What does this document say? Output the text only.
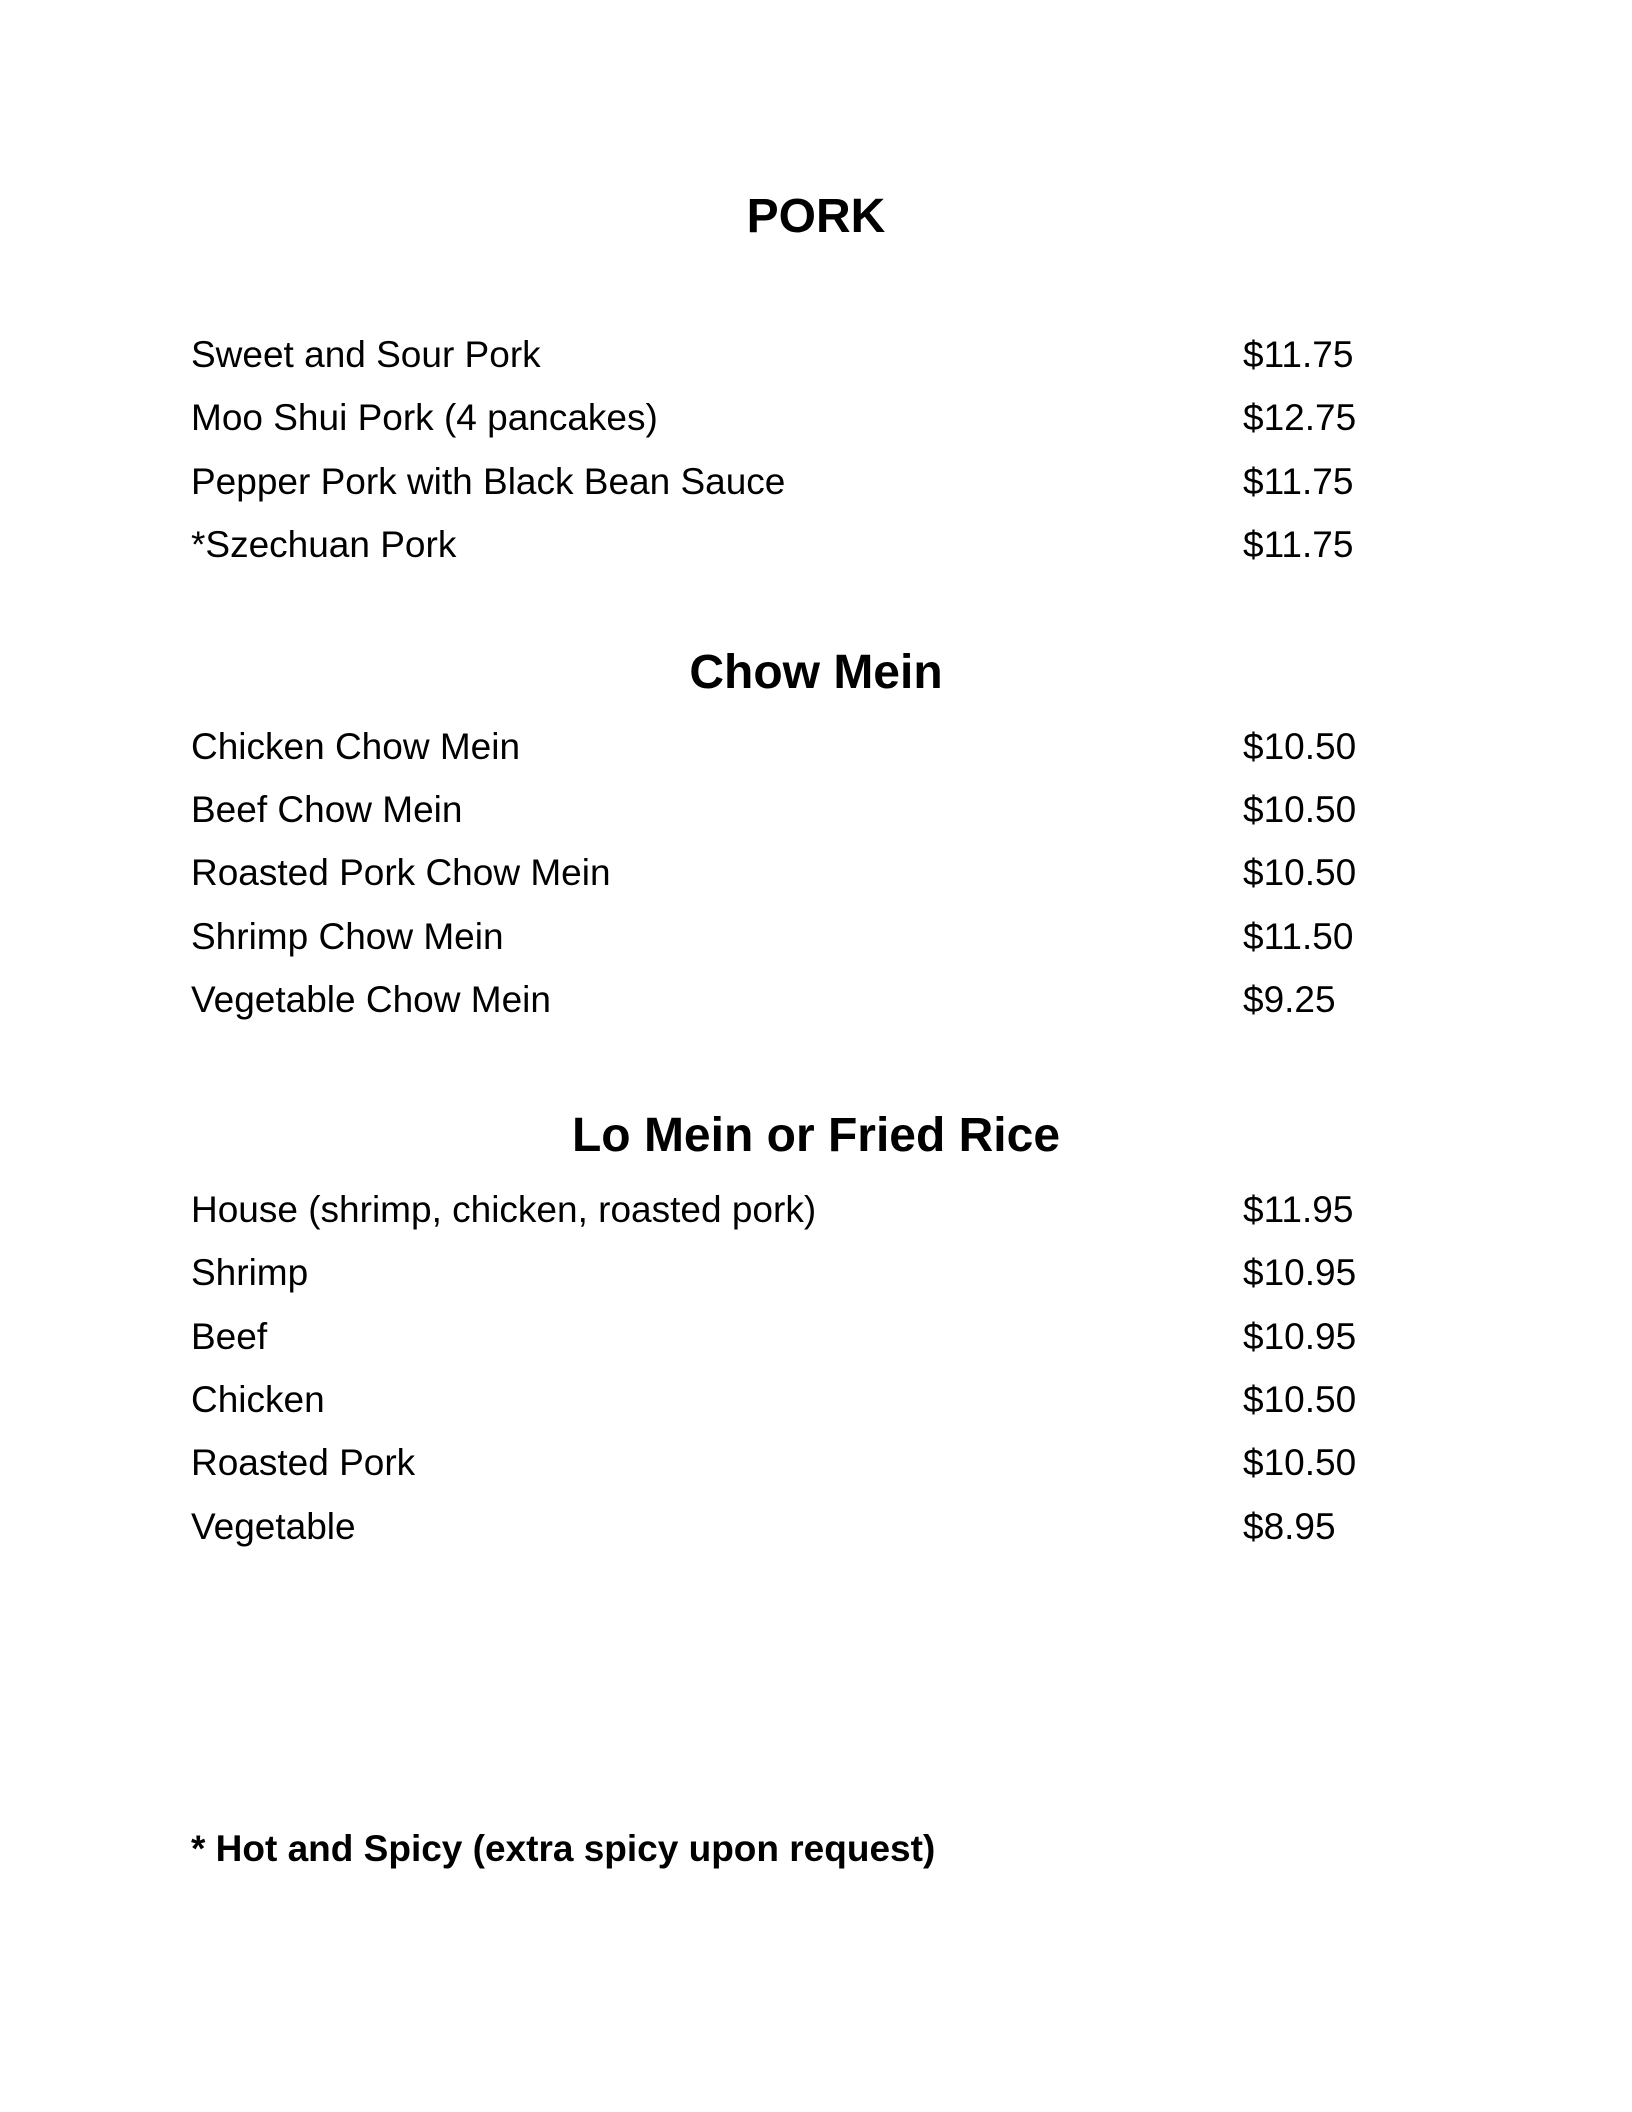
PORK
Sweet and Sour Pork	$11.75
Moo Shui Pork (4 pancakes)	$12.75
Pepper Pork with Black Bean Sauce	$11.75
*Szechuan Pork	$11.75
Chow Mein
Chicken Chow Mein	$10.50
Beef Chow Mein	$10.50
Roasted Pork Chow Mein	$10.50
Shrimp Chow Mein	$11.50
Vegetable Chow Mein	$9.25
Lo Mein or Fried Rice
House (shrimp, chicken, roasted pork)	$11.95
Shrimp	$10.95
Beef	$10.95
Chicken	$10.50
Roasted Pork	$10.50
Vegetable	$8.95
* Hot and Spicy (extra spicy upon request)
